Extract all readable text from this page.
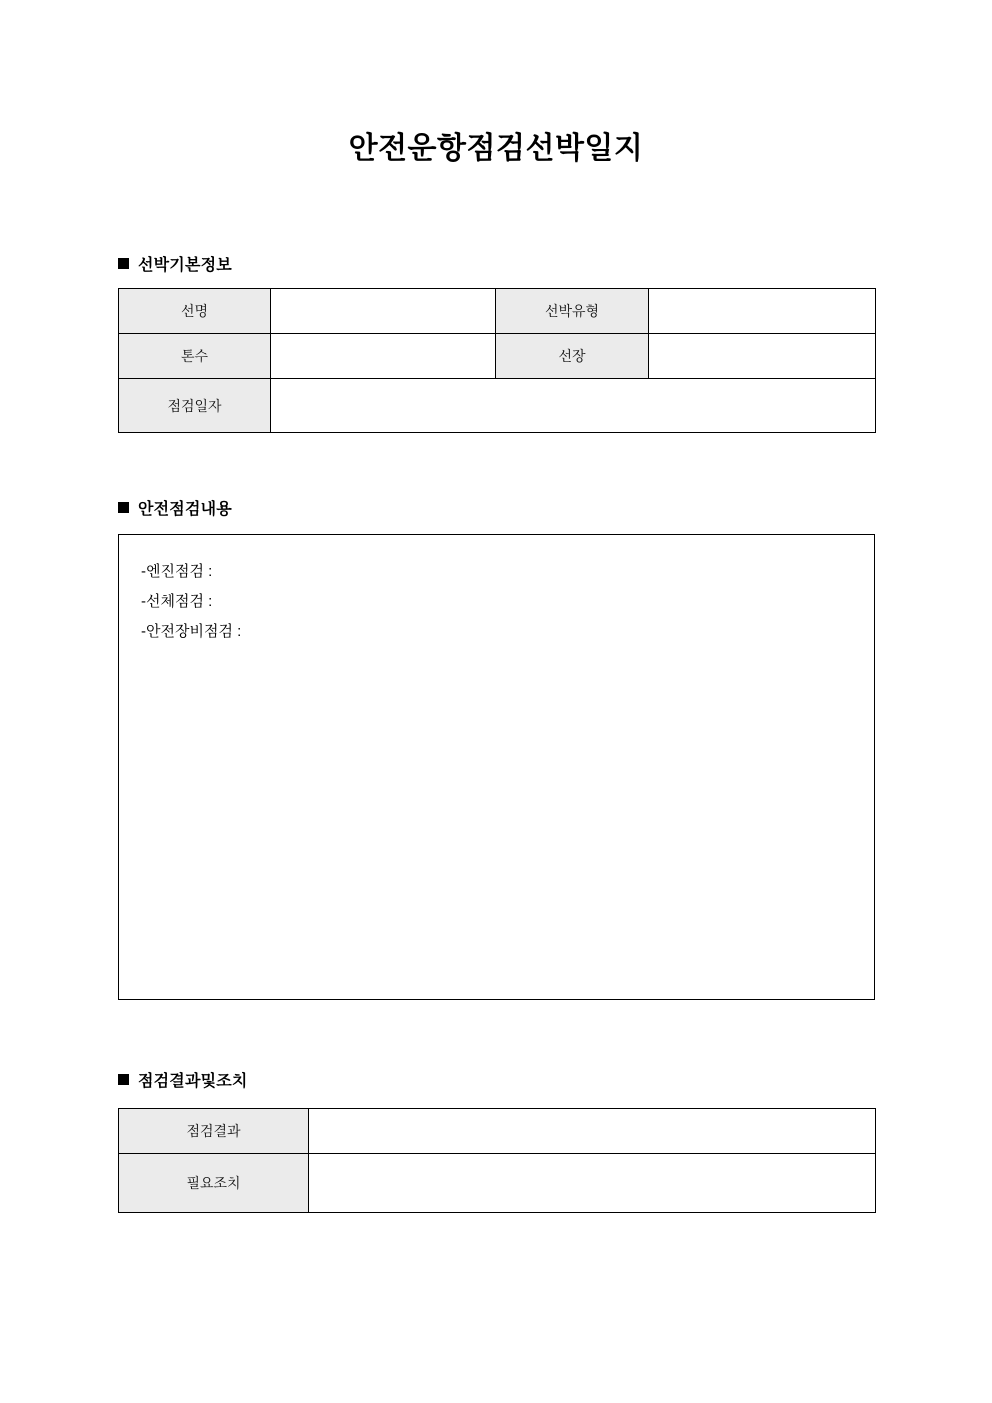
안전운항점검선박일지
선박기본정보
선명		선박유형	
톤수		선장	
점검일자			
안전점검내용
-엔진점검 :
-선체점검 :
-안전장비점검 :
점검결과및조치
점검결과	
필요조치	
